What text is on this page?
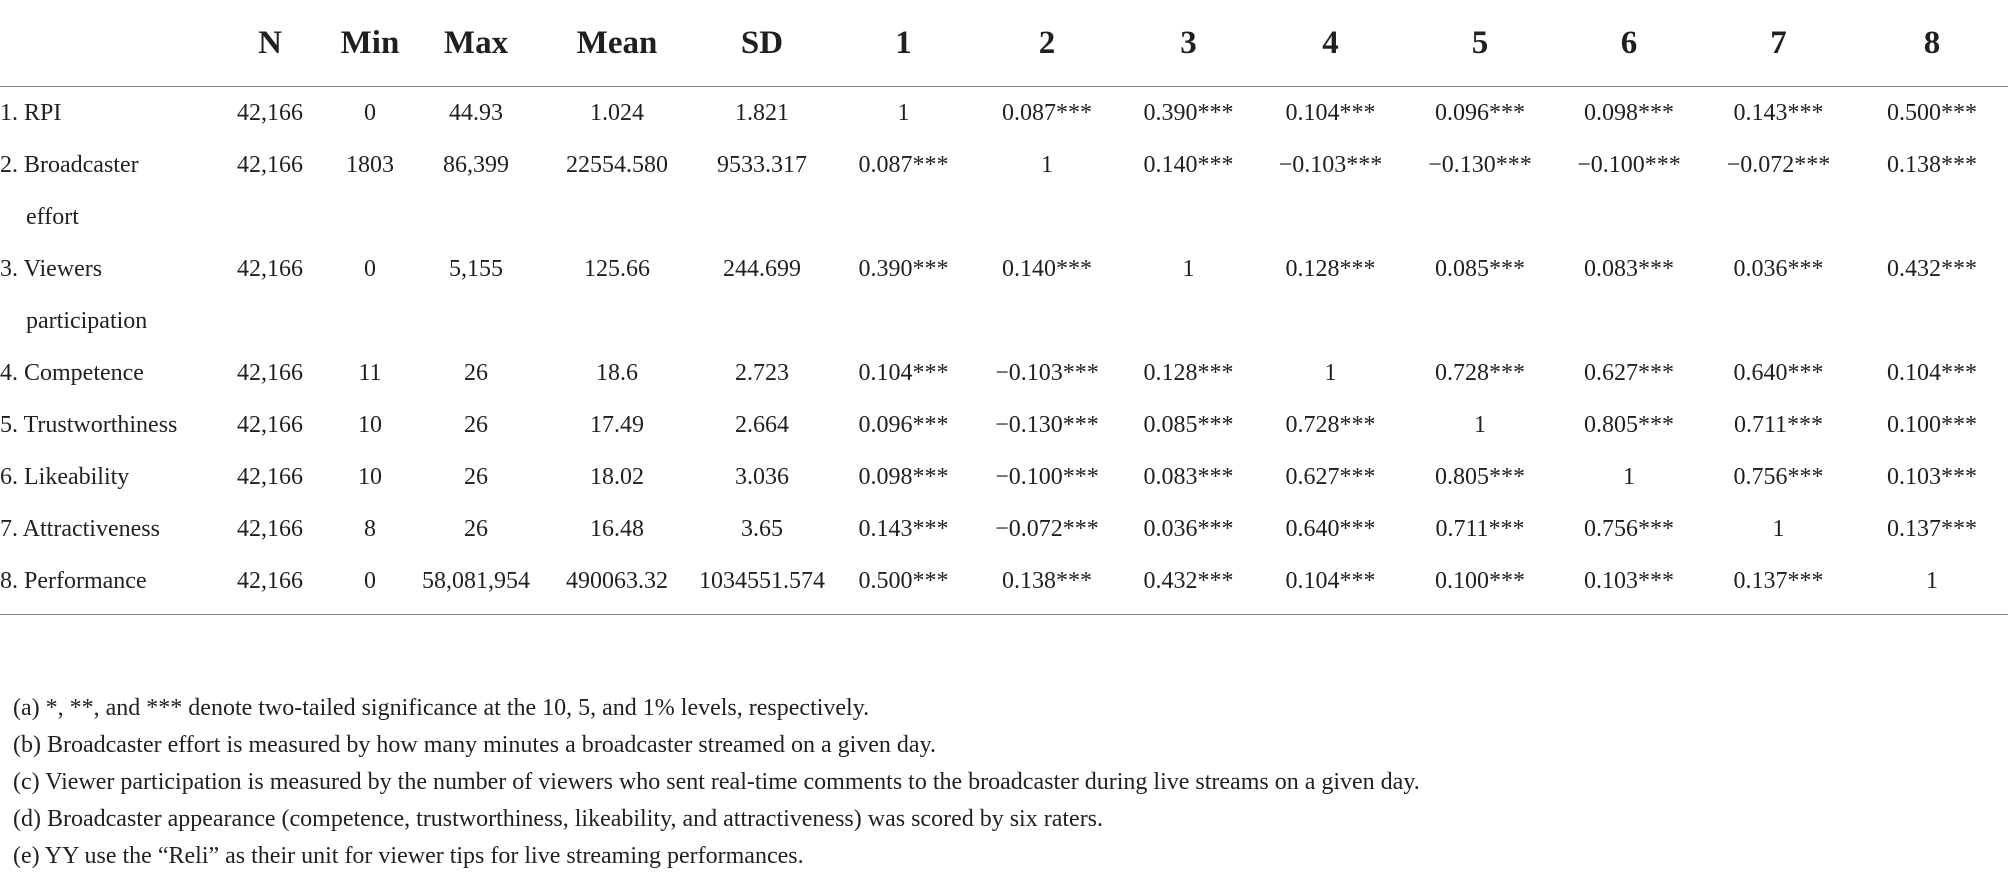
	N	Min	Max	Mean	SD	1	2	3	4	5	6	7	8
1. RPI	42,166	0	44.93	1.024	1.821	1	0.087***	0.390***	0.104***	0.096***	0.098***	0.143***	0.500***
2. Broadcaster
effort	42,166	1803	86,399	22554.580	9533.317	0.087***	1	0.140***	−0.103***	−0.130***	−0.100***	−0.072***	0.138***
3. Viewers
participation	42,166	0	5,155	125.66	244.699	0.390***	0.140***	1	0.128***	0.085***	0.083***	0.036***	0.432***
4. Competence	42,166	11	26	18.6	2.723	0.104***	−0.103***	0.128***	1	0.728***	0.627***	0.640***	0.104***
5. Trustworthiness	42,166	10	26	17.49	2.664	0.096***	−0.130***	0.085***	0.728***	1	0.805***	0.711***	0.100***
6. Likeability	42,166	10	26	18.02	3.036	0.098***	−0.100***	0.083***	0.627***	0.805***	1	0.756***	0.103***
7. Attractiveness	42,166	8	26	16.48	3.65	0.143***	−0.072***	0.036***	0.640***	0.711***	0.756***	1	0.137***
8. Performance	42,166	0	58,081,954	490063.32	1034551.574	0.500***	0.138***	0.432***	0.104***	0.100***	0.103***	0.137***	1
(a) *, **, and *** denote two-tailed significance at the 10, 5, and 1% levels, respectively.
(b) Broadcaster effort is measured by how many minutes a broadcaster streamed on a given day.
(c) Viewer participation is measured by the number of viewers who sent real-time comments to the broadcaster during live streams on a given day.
(d) Broadcaster appearance (competence, trustworthiness, likeability, and attractiveness) was scored by six raters.
(e) YY use the “Reli” as their unit for viewer tips for live streaming performances.
